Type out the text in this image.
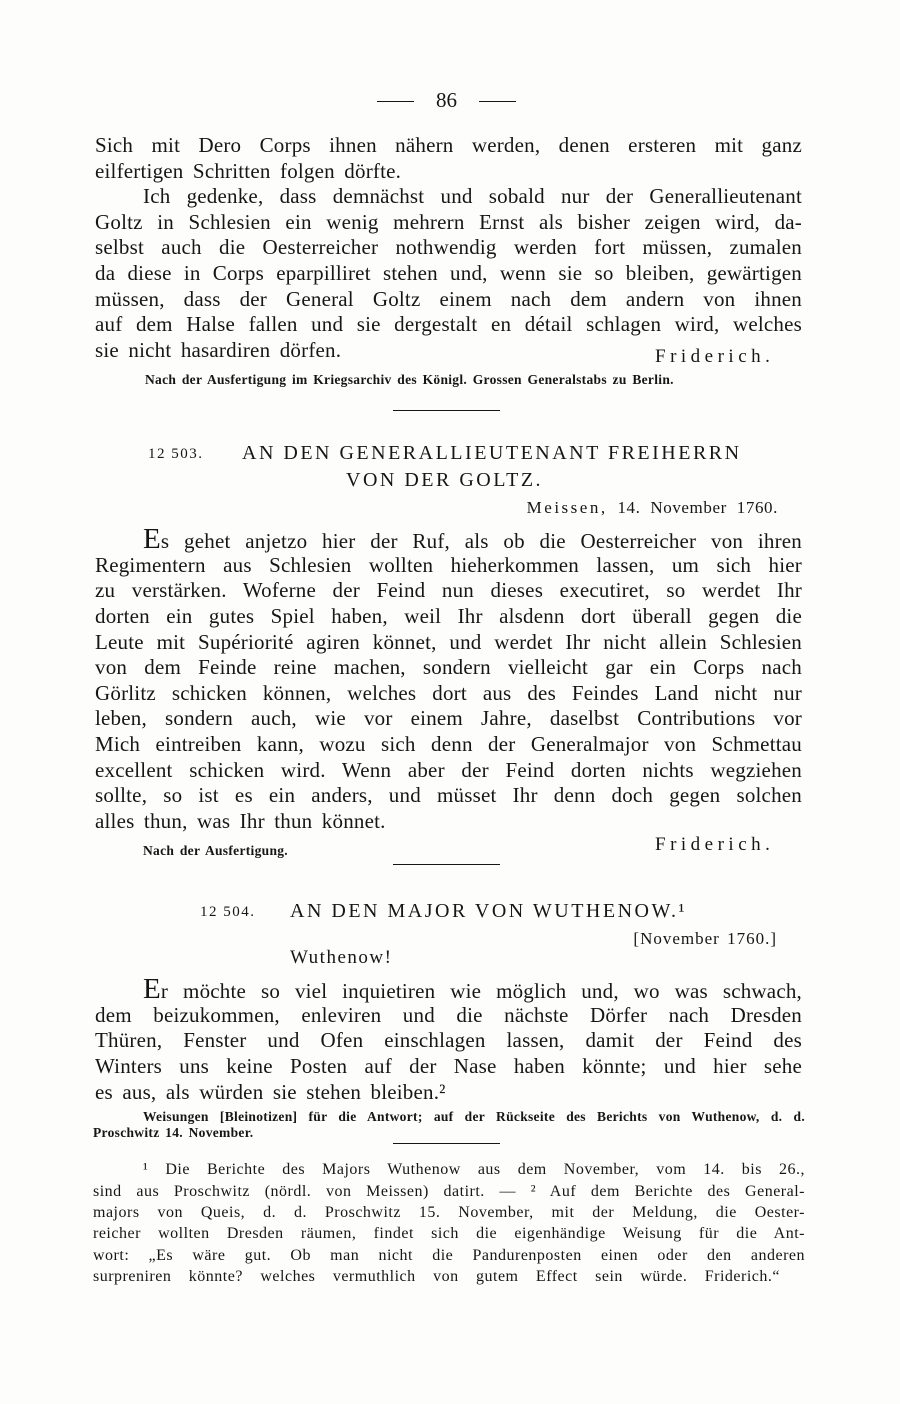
86
Sich mit Dero Corps ihnen nähern werden, denen ersteren mit ganz
eilfertigen Schritten folgen dörfte.
Ich gedenke, dass demnächst und sobald nur der Generallieutenant
Goltz in Schlesien ein wenig mehrern Ernst als bisher zeigen wird, da-
selbst auch die Oesterreicher nothwendig werden fort müssen, zumalen
da diese in Corps eparpilliret stehen und, wenn sie so bleiben, gewärtigen
müssen, dass der General Goltz einem nach dem andern von ihnen
auf dem Halse fallen und sie dergestalt en détail schlagen wird, welches
sie nicht hasardiren dörfen.	Friderich.
Nach der Ausfertigung im Kriegsarchiv des Königl. Grossen Generalstabs zu Berlin.
12 503. AN DEN GENERALLIEUTENANT FREIHERRN
VON DER GOLTZ.
Meissen, 14. November 1760.
Es gehet anjetzo hier der Ruf, als ob die Oesterreicher von ihren
Regimentern aus Schlesien wollten hieherkommen lassen, um sich hier
zu verstärken. Woferne der Feind nun dieses executiret, so werdet Ihr
dorten ein gutes Spiel haben, weil Ihr alsdenn dort überall gegen die
Leute mit Supériorité agiren könnet, und werdet Ihr nicht allein Schlesien
von dem Feinde reine machen, sondern vielleicht gar ein Corps nach
Görlitz schicken können, welches dort aus des Feindes Land nicht nur
leben, sondern auch, wie vor einem Jahre, daselbst Contributions vor
Mich eintreiben kann, wozu sich denn der Generalmajor von Schmettau
excellent schicken wird. Wenn aber der Feind dorten nichts wegziehen
sollte, so ist es ein anders, und müsset Ihr denn doch gegen solchen
alles thun, was Ihr thun könnet.
Nach der Ausfertigung.	Friderich.
12 504. AN DEN MAJOR VON WUTHENOW.¹
[November 1760.]
Wuthenow!
Er möchte so viel inquietiren wie möglich und, wo was schwach,
dem beizukommen, enleviren und die nächste Dörfer nach Dresden
Thüren, Fenster und Ofen einschlagen lassen, damit der Feind des
Winters uns keine Posten auf der Nase haben könnte; und hier sehe
es aus, als würden sie stehen bleiben.²
Weisungen [Bleinotizen] für die Antwort; auf der Rückseite des Berichts von Wuthenow, d. d.
Proschwitz 14. November.
¹ Die Berichte des Majors Wuthenow aus dem November, vom 14. bis 26.,
sind aus Proschwitz (nördl. von Meissen) datirt. — ² Auf dem Berichte des General-
majors von Queis, d. d. Proschwitz 15. November, mit der Meldung, die Oester-
reicher wollten Dresden räumen, findet sich die eigenhändige Weisung für die Ant-
wort: „Es wäre gut. Ob man nicht die Pandurenposten einen oder den anderen
surpreniren könnte? welches vermuthlich von gutem Effect sein würde. Friderich.“
